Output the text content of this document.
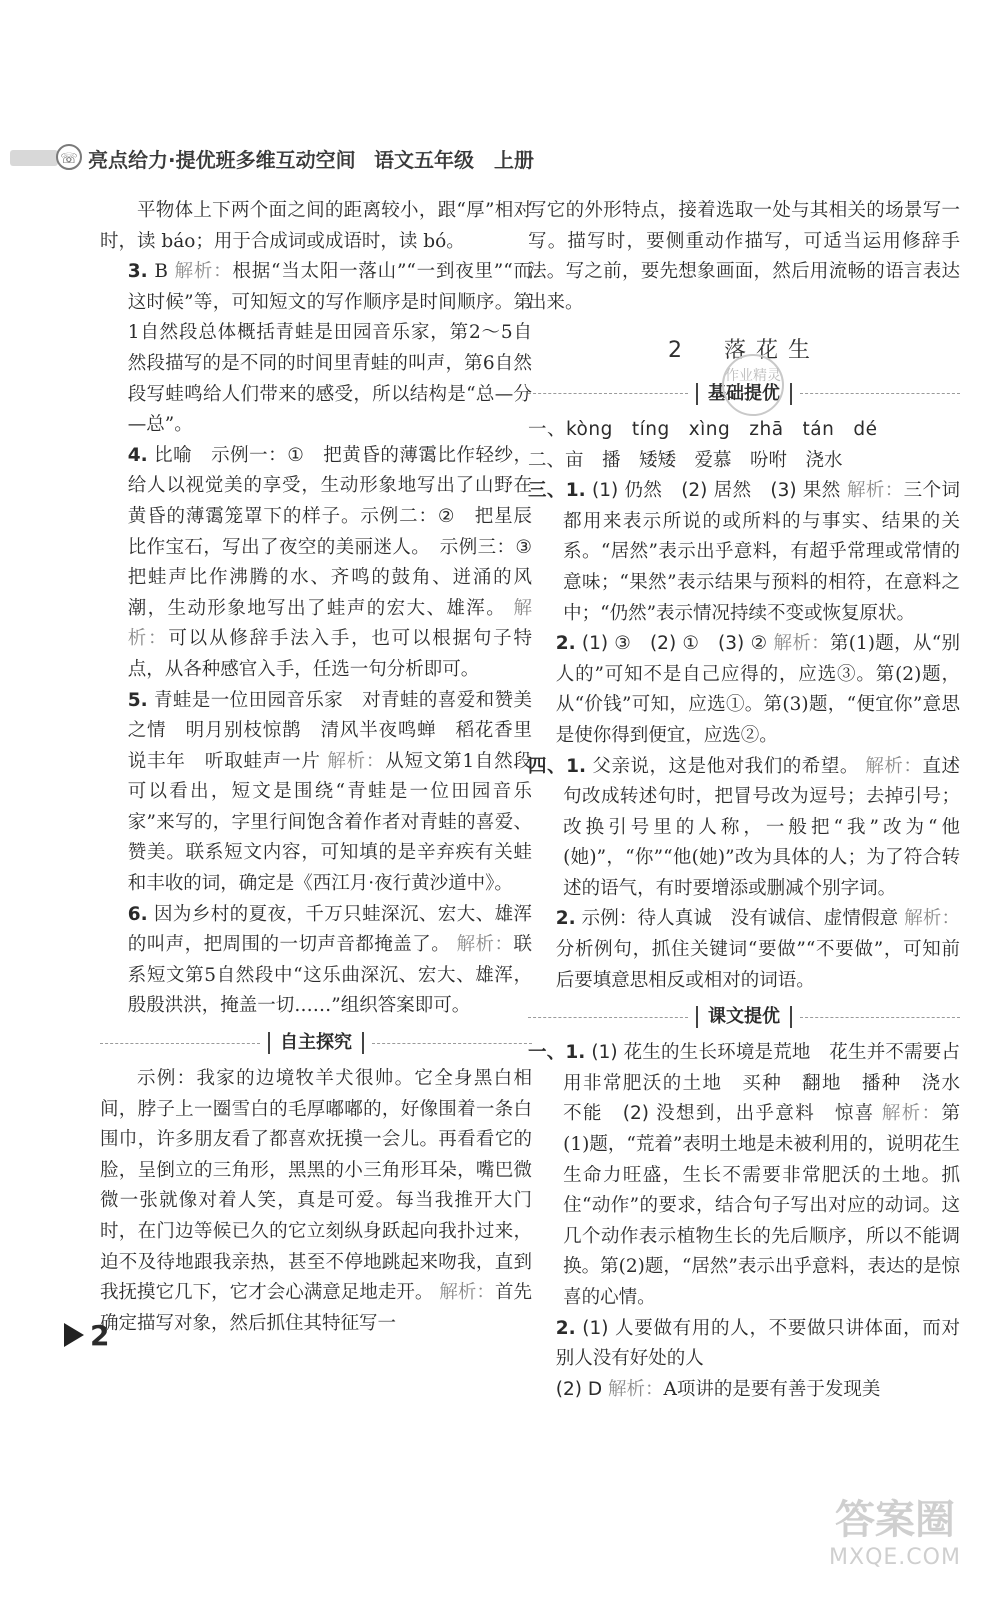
☏ 亮点给力·提优班多维互动空间 语文五年级　上册

平物体上下两个面之间的距离较小，跟“厚”相对时，读 báo；用于合成词或成语时，读 bó。

3. B 解析：根据“当太阳一落山”“一到夜里”“而这时候”等，可知短文的写作顺序是时间顺序。第1自然段总体概括青蛙是田园音乐家，第2～5自然段描写的是不同的时间里青蛙的叫声，第6自然段写蛙鸣给人们带来的感受，所以结构是“总—分—总”。

4. 比喻　示例一：①　把黄昏的薄霭比作轻纱，给人以视觉美的享受，生动形象地写出了山野在黄昏的薄霭笼罩下的样子。示例二：②　把星辰比作宝石，写出了夜空的美丽迷人。　示例三：③　把蛙声比作沸腾的水、齐鸣的鼓角、迸涌的风潮，生动形象地写出了蛙声的宏大、雄浑。 解析：可以从修辞手法入手，也可以根据句子特点，从各种感官入手，任选一句分析即可。

5. 青蛙是一位田园音乐家　对青蛙的喜爱和赞美之情　明月别枝惊鹊　清风半夜鸣蝉　稻花香里说丰年　听取蛙声一片 解析：从短文第1自然段可以看出，短文是围绕“青蛙是一位田园音乐家”来写的，字里行间饱含着作者对青蛙的喜爱、赞美。联系短文内容，可知填的是辛弃疾有关蛙和丰收的词，确定是《西江月·夜行黄沙道中》。

6. 因为乡村的夏夜，千万只蛙深沉、宏大、雄浑的叫声，把周围的一切声音都掩盖了。 解析：联系短文第5自然段中“这乐曲深沉、宏大、雄浑，殷殷洪洪，掩盖一切……”组织答案即可。

自主探究

示例：我家的边境牧羊犬很帅。它全身黑白相间，脖子上一圈雪白的毛厚嘟嘟的，好像围着一条白围巾，许多朋友看了都喜欢抚摸一会儿。再看看它的脸，呈倒立的三角形，黑黑的小三角形耳朵，嘴巴微微一张就像对着人笑，真是可爱。每当我推开大门时，在门边等候已久的它立刻纵身跃起向我扑过来，迫不及待地跟我亲热，甚至不停地跳起来吻我，直到我抚摸它几下，它才会心满意足地走开。 解析：首先确定描写对象，然后抓住其特征写一

写它的外形特点，接着选取一处与其相关的场景写一写。描写时，要侧重动作描写，可适当运用修辞手法。写之前，要先想象画面，然后用流畅的语言表达出来。

2　落花生
基础提优

一、kòng　tíng　xìng　zhā　tán　dé

二、亩　播　矮矮　爱慕　吩咐　浇水

三、1. (1) 仍然　(2) 居然　(3) 果然 解析：三个词都用来表示所说的或所料的与事实、结果的关系。“居然”表示出乎意料，有超乎常理或常情的意味；“果然”表示结果与预料的相符，在意料之中；“仍然”表示情况持续不变或恢复原状。

2. (1) ③　(2) ①　(3) ② 解析：第(1)题，从“别人的”可知不是自己应得的，应选③。第(2)题，从“价钱”可知，应选①。第(3)题，“便宜你”意思是使你得到便宜，应选②。

四、1. 父亲说，这是他对我们的希望。 解析：直述句改成转述句时，把冒号改为逗号；去掉引号；改换引号里的人称，一般把“我”改为“他(她)”，“你”“他(她)”改为具体的人；为了符合转述的语气，有时要增添或删减个别字词。

2. 示例：待人真诚　没有诚信、虚情假意 解析：分析例句，抓住关键词“要做”“不要做”，可知前后要填意思相反或相对的词语。

课文提优

一、1. (1) 花生的生长环境是荒地　花生并不需要占用非常肥沃的土地　买种　翻地　播种　浇水　不能　(2) 没想到，出乎意料　惊喜 解析：第(1)题，“荒着”表明土地是未被利用的，说明花生生命力旺盛，生长不需要非常肥沃的土地。抓住“动作”的要求，结合句子写出对应的动词。这几个动作表示植物生长的先后顺序，所以不能调换。第(2)题，“居然”表示出乎意料，表达的是惊喜的心情。

2. (1) 人要做有用的人，不要做只讲体面，而对别人没有好处的人

(2) D 解析：A项讲的是要有善于发现美

作业精灵
2
答案圈
MXQE.COM
